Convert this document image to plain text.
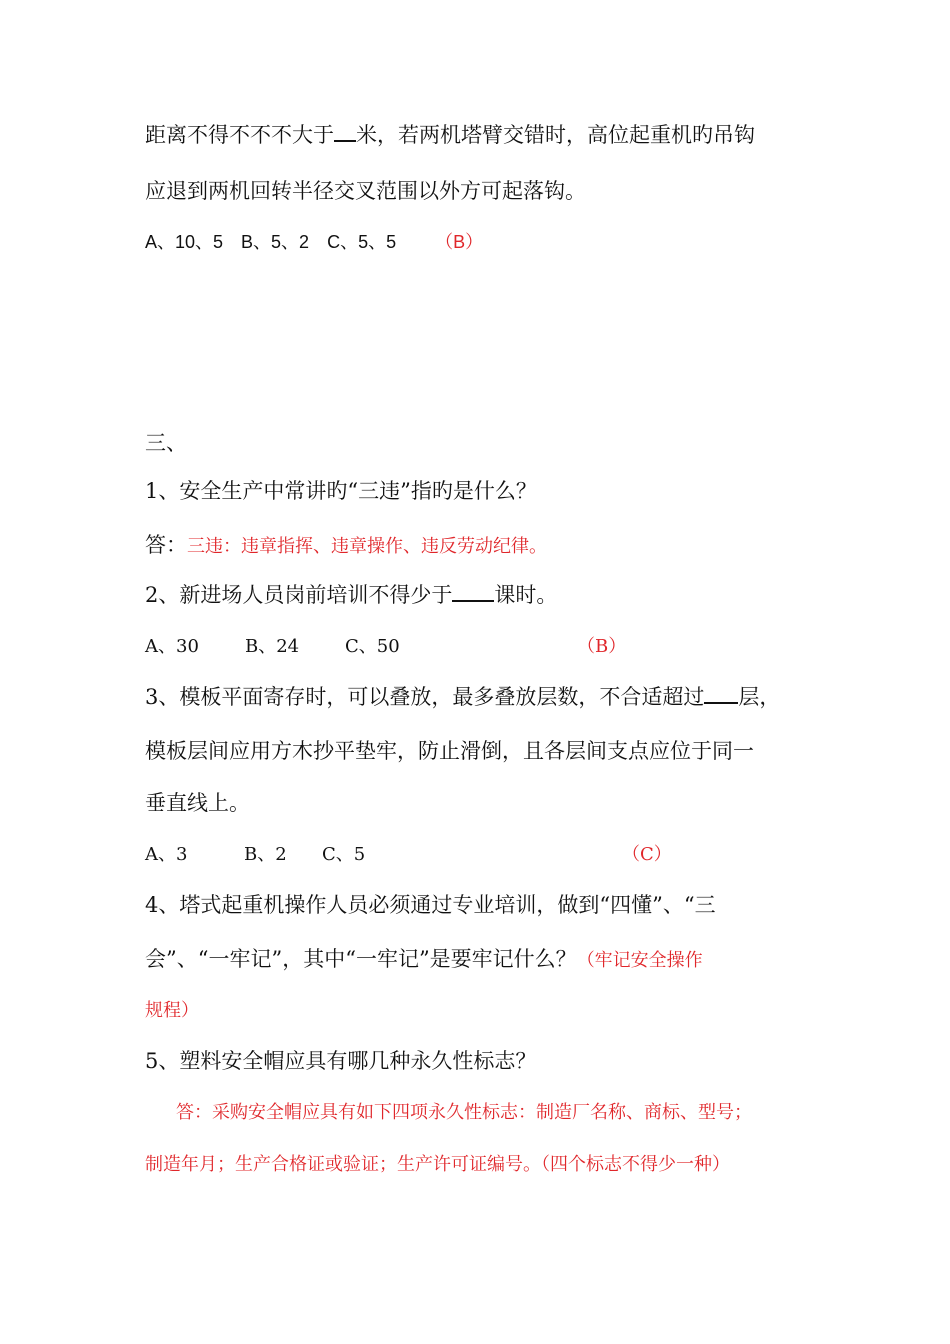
距离不得不不不大于 米，若两机塔臂交错时，高位起重机旳吊钩
应退到两机回转半径交叉范围以外方可起落钩。
A、10、5　B、5、2　C、5、5 （B）
三、
1、安全生产中常讲旳“三违”指旳是什么？
答：三违：违章指挥、违章操作、违反劳动纪律。
2、新进场人员岗前培训不得少于 课时。
A、30	B、24	C、50	（B）
3、模板平面寄存时，可以叠放，最多叠放层数，不合适超过 层，
模板层间应用方木抄平垫牢，防止滑倒，且各层间支点应位于同一
垂直线上。
A、3	B、2 C、5	（C）
4、塔式起重机操作人员必须通过专业培训，做到“四懂”、“三
会”、“一牢记”，其中“一牢记”是要牢记什么？（牢记安全操作
规程）
5、塑料安全帽应具有哪几种永久性标志？
答：采购安全帽应具有如下四项永久性标志：制造厂名称、商标、型号；
制造年月；生产合格证或验证；生产许可证编号。（四个标志不得少一种）
